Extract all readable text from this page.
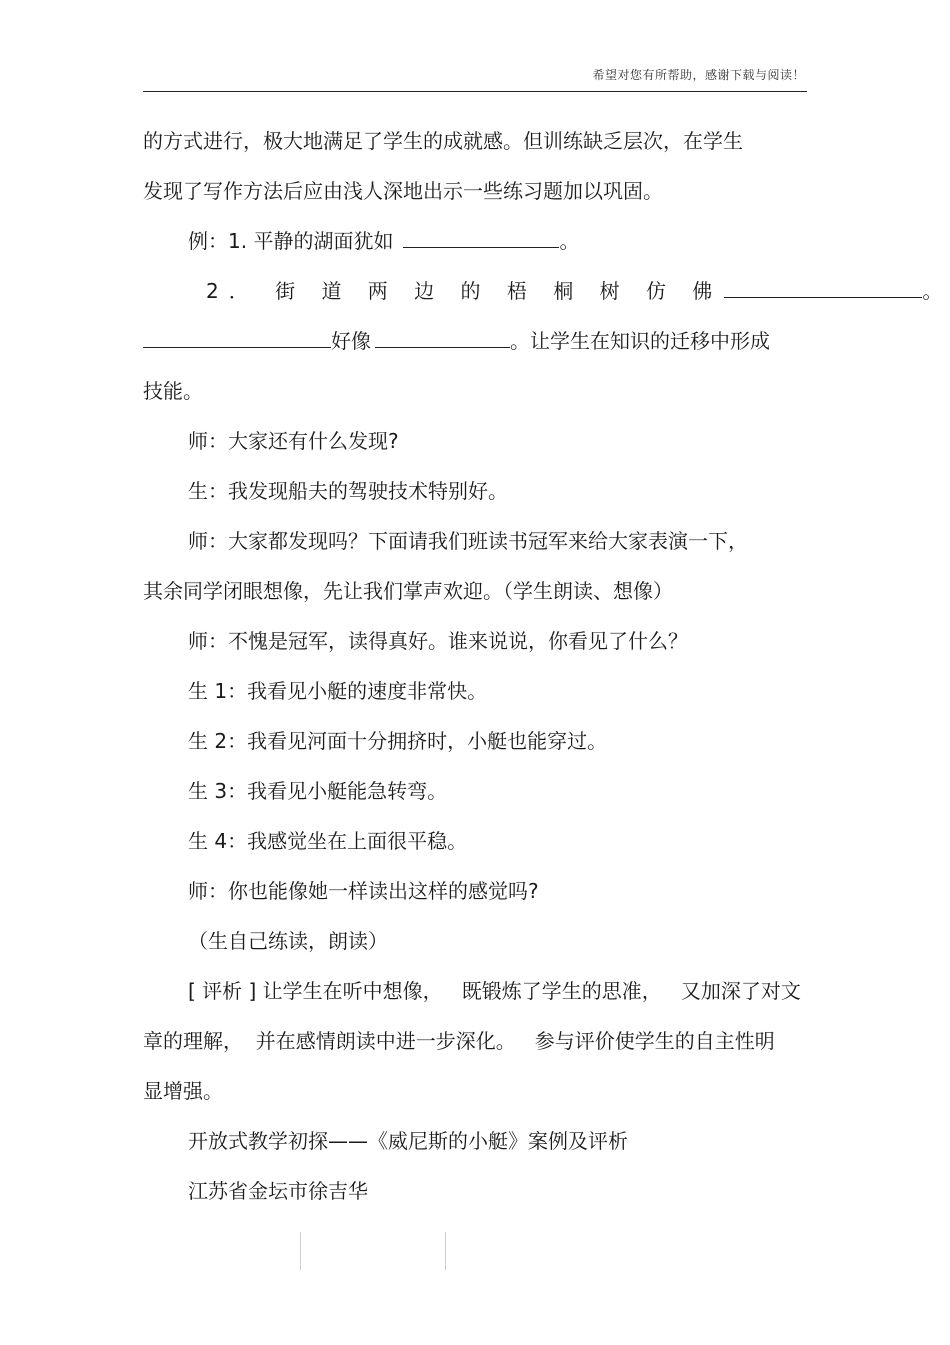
希望对您有所帮助，感谢下载与阅读！
的方式进行，极大地满足了学生的成就感。但训练缺乏层次，在学生
发现了写作方法后应由浅人深地出示一些练习题加以巩固。
例：1. 平静的湖面犹如	。
2． 街 道 两 边 的 梧 桐 树 仿 佛	。
好像	。让学生在知识的迁移中形成
技能。
师：大家还有什么发现?
生：我发现船夫的驾驶技术特别好。
师：大家都发现吗？下面请我们班读书冠军来给大家表演一下，
其余同学闭眼想像，先让我们掌声欢迎。（学生朗读、想像）
师：不愧是冠军，读得真好。谁来说说，你看见了什么？
生 1：我看见小艇的速度非常快。
生 2：我看见河面十分拥挤时，小艇也能穿过。
生 3：我看见小艇能急转弯。
生 4：我感觉坐在上面很平稳。
师：你也能像她一样读出这样的感觉吗?
（生自己练读，朗读）
[ 评析 ] 让学生在听中想像，   既锻炼了学生的思准，   又加深了对文
章的理解，  并在感情朗读中进一步深化。   参与评价使学生的自主性明
显增强。
开放式教学初探——《威尼斯的小艇》案例及评析
江苏省金坛市徐吉华
